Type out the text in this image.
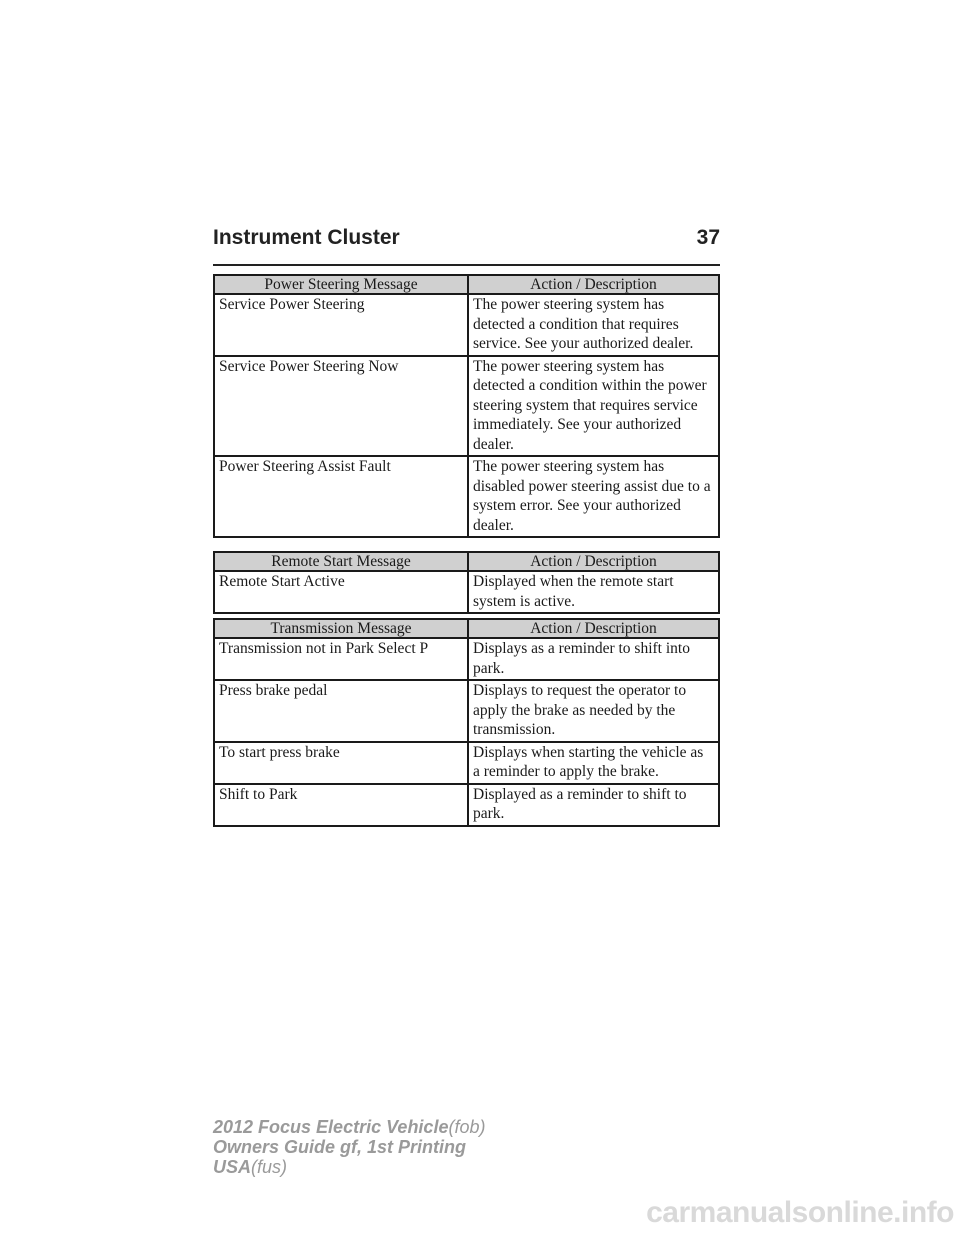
Instrument Cluster	37
Power Steering Message	Action / Description
Service Power Steering	The power steering system has detected a condition that requires service. See your authorized dealer.
Service Power Steering Now	The power steering system has detected a condition within the power steering system that requires service immediately. See your authorized dealer.
Power Steering Assist Fault	The power steering system has disabled power steering assist due to a system error. See your authorized dealer.
Remote Start Message	Action / Description
Remote Start Active	Displayed when the remote start system is active.
Transmission Message	Action / Description
Transmission not in Park Select P	Displays as a reminder to shift into park.
Press brake pedal	Displays to request the operator to apply the brake as needed by the transmission.
To start press brake	Displays when starting the vehicle as a reminder to apply the brake.
Shift to Park	Displayed as a reminder to shift to park.
2012 Focus Electric Vehicle(fob)
Owners Guide gf, 1st Printing
USA(fus)
carmanualsonline.info
